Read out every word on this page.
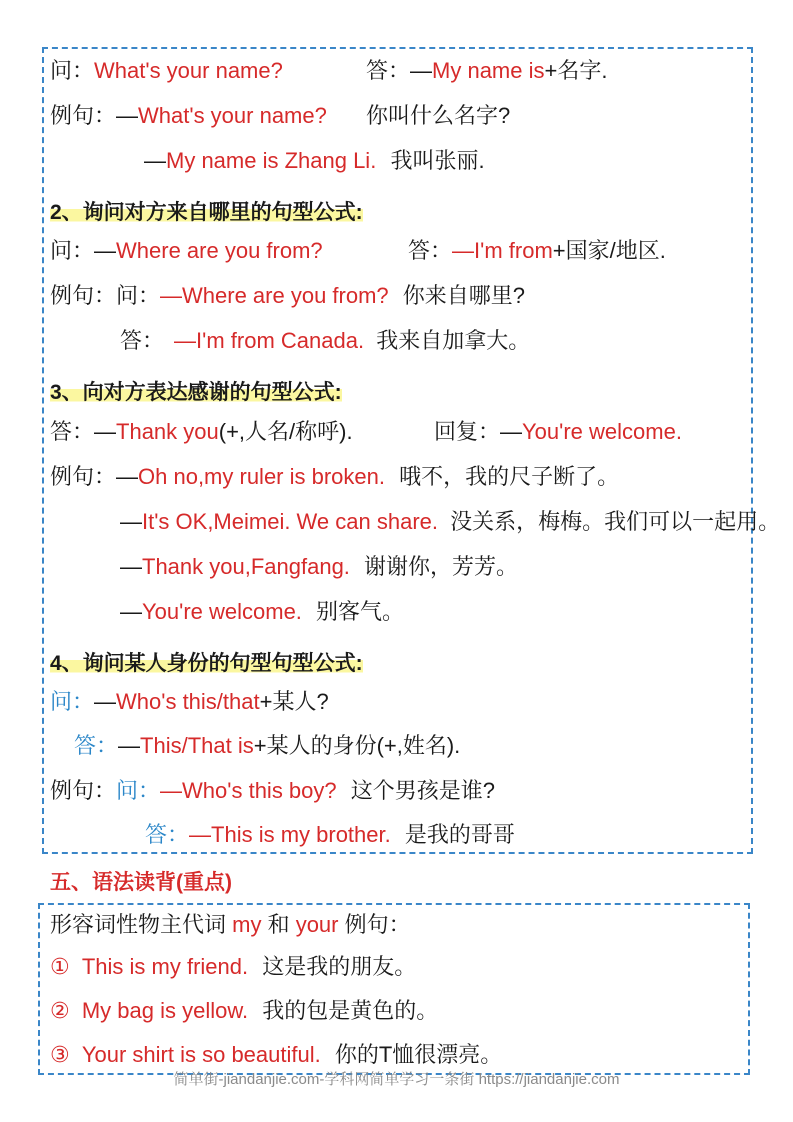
问：What's your name?	答：—My name is+名字.
例句：—What's your name? 你叫什么名字?
—My name is Zhang Li. 我叫张丽.
2、询问对方来自哪里的句型公式:
问：—Where are you from?	答：—I'm from+国家/地区.
例句：问：—Where are you from? 你来自哪里?
答： —I'm from Canada. 我来自加拿大。
3、向对方表达感谢的句型公式:
答：—Thank you(+,人名/称呼).	回复：—You're welcome.
例句：—Oh no,my ruler is broken. 哦不，我的尺子断了。
—It's OK,Meimei. We can share. 没关系，梅梅。我们可以一起用。
—Thank you,Fangfang. 谢谢你，芳芳。
—You're welcome. 别客气。
4、询问某人身份的句型句型公式:
问：—Who's this/that+某人?
答：—This/That is+某人的身份(+,姓名).
例句：问：—Who's this boy? 这个男孩是谁?
答：—This is my brother. 是我的哥哥
五、语法读背(重点)
形容词性物主代词 my 和 your 例句：
① This is my friend. 这是我的朋友。
② My bag is yellow. 我的包是黄色的。
③ Your shirt is so beautiful. 你的T恤很漂亮。
简单街-jiandanjie.com-学科网简单学习一条街 https://jiandanjie.com
